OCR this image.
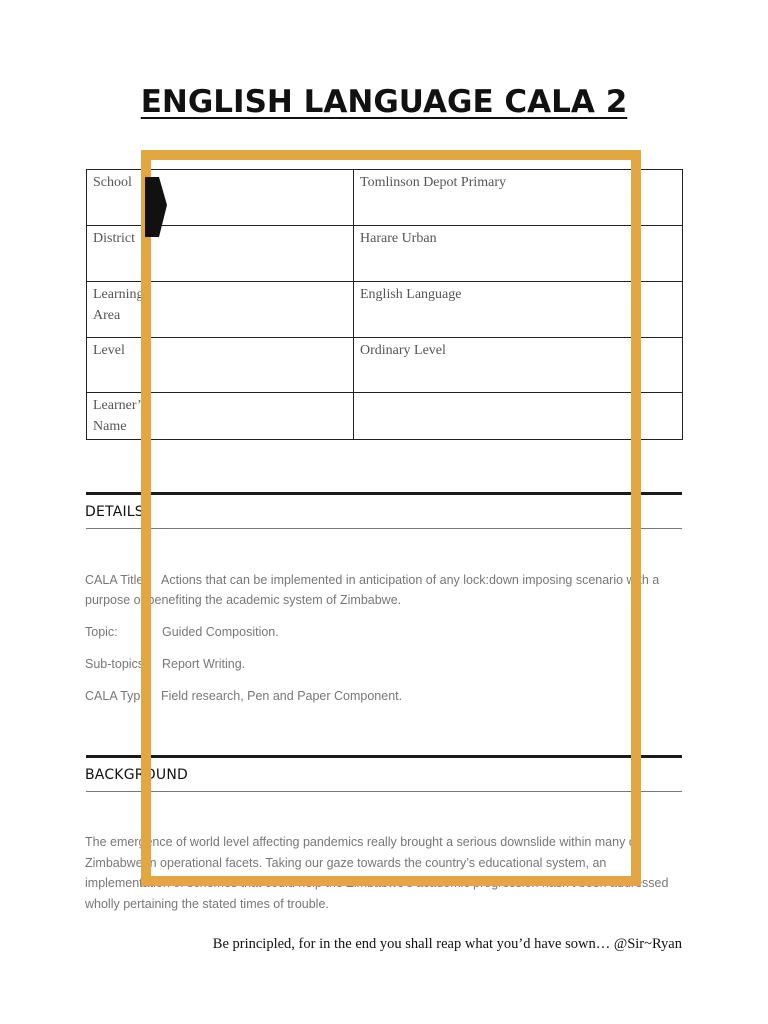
ENGLISH LANGUAGE CALA 2
School	Tomlinson Depot Primary
District	Harare Urban
Learning Area	English Language
Level	Ordinary Level
Learner’s Name	
DETAILS
CALA Title: Actions that can be implemented in anticipation of any lock:down imposing scenario with a purpose of benefiting the academic system of Zimbabwe.
Topic:	Guided Composition.
Sub-topics: Report Writing.
CALA Type: Field research, Pen and Paper Component.
BACKGROUND

The emergence of world level affecting pandemics really brought a serious downslide within many of Zimbabwean operational facets. Taking our gaze towards the country’s educational system, an implementation of schemes that could help the Zimbabwe’s academic progression hasn’t been addressed wholly pertaining the stated times of trouble.

Be principled, for in the end you shall reap what you’d have sown… @Sir~Ryan
